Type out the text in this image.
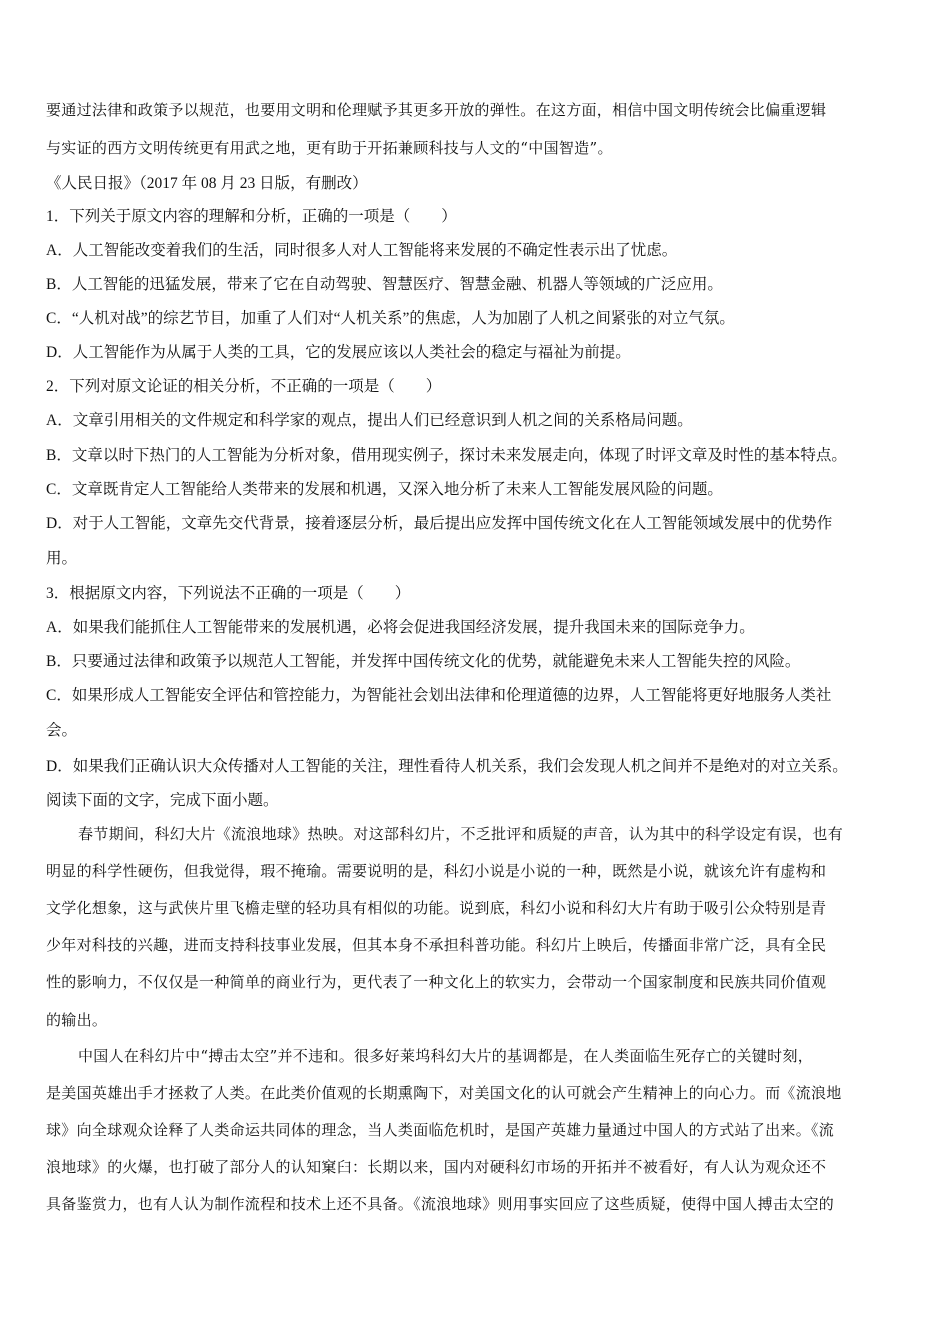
要通过法律和政策予以规范，也要用文明和伦理赋予其更多开放的弹性。在这方面，相信中国文明传统会比偏重逻辑
与实证的西方文明传统更有用武之地，更有助于开拓兼顾科技与人文的“中国智造”。
《人民日报》（2017 年 08 月 23 日版，有删改）
1．下列关于原文内容的理解和分析，正确的一项是（　　）
A．人工智能改变着我们的生活，同时很多人对人工智能将来发展的不确定性表示出了忧虑。
B．人工智能的迅猛发展，带来了它在自动驾驶、智慧医疗、智慧金融、机器人等领域的广泛应用。
C．“人机对战”的综艺节目，加重了人们对“人机关系”的焦虑，人为加剧了人机之间紧张的对立气氛。
D．人工智能作为从属于人类的工具，它的发展应该以人类社会的稳定与福祉为前提。
2．下列对原文论证的相关分析，不正确的一项是（　　）
A．文章引用相关的文件规定和科学家的观点，提出人们已经意识到人机之间的关系格局问题。
B．文章以时下热门的人工智能为分析对象，借用现实例子，探讨未来发展走向，体现了时评文章及时性的基本特点。
C．文章既肯定人工智能给人类带来的发展和机遇，又深入地分析了未来人工智能发展风险的问题。
D．对于人工智能，文章先交代背景，接着逐层分析，最后提出应发挥中国传统文化在人工智能领域发展中的优势作
用。
3．根据原文内容，下列说法不正确的一项是（　　）
A．如果我们能抓住人工智能带来的发展机遇，必将会促进我国经济发展，提升我国未来的国际竞争力。
B．只要通过法律和政策予以规范人工智能，并发挥中国传统文化的优势，就能避免未来人工智能失控的风险。
C．如果形成人工智能安全评估和管控能力，为智能社会划出法律和伦理道德的边界，人工智能将更好地服务人类社
会。
D．如果我们正确认识大众传播对人工智能的关注，理性看待人机关系，我们会发现人机之间并不是绝对的对立关系。
阅读下面的文字，完成下面小题。
春节期间，科幻大片《流浪地球》热映。对这部科幻片，不乏批评和质疑的声音，认为其中的科学设定有误，也有
明显的科学性硬伤，但我觉得，瑕不掩瑜。需要说明的是，科幻小说是小说的一种，既然是小说，就该允许有虚构和
文学化想象，这与武侠片里飞檐走壁的轻功具有相似的功能。说到底，科幻小说和科幻大片有助于吸引公众特别是青
少年对科技的兴趣，进而支持科技事业发展，但其本身不承担科普功能。科幻片上映后，传播面非常广泛，具有全民
性的影响力，不仅仅是一种简单的商业行为，更代表了一种文化上的软实力，会带动一个国家制度和民族共同价值观
的输出。
中国人在科幻片中“搏击太空”并不违和。很多好莱坞科幻大片的基调都是，在人类面临生死存亡的关键时刻，
是美国英雄出手才拯救了人类。在此类价值观的长期熏陶下，对美国文化的认可就会产生精神上的向心力。而《流浪地
球》向全球观众诠释了人类命运共同体的理念，当人类面临危机时，是国产英雄力量通过中国人的方式站了出来。《流
浪地球》的火爆，也打破了部分人的认知窠臼：长期以来，国内对硬科幻市场的开拓并不被看好，有人认为观众还不
具备鉴赏力，也有人认为制作流程和技术上还不具备。《流浪地球》则用事实回应了这些质疑，使得中国人搏击太空的
